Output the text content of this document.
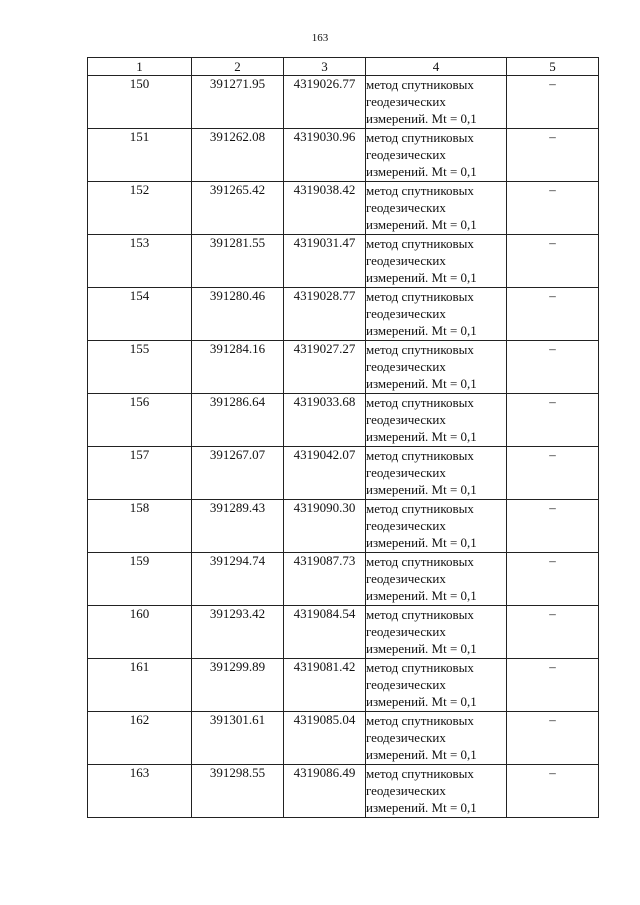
163
1	2	3	4	5
150	391271.95	4319026.77	метод спутниковых
геодезических
измерений. Mt = 0,1	–
151	391262.08	4319030.96	метод спутниковых
геодезических
измерений. Mt = 0,1	–
152	391265.42	4319038.42	метод спутниковых
геодезических
измерений. Mt = 0,1	–
153	391281.55	4319031.47	метод спутниковых
геодезических
измерений. Mt = 0,1	–
154	391280.46	4319028.77	метод спутниковых
геодезических
измерений. Mt = 0,1	–
155	391284.16	4319027.27	метод спутниковых
геодезических
измерений. Mt = 0,1	–
156	391286.64	4319033.68	метод спутниковых
геодезических
измерений. Mt = 0,1	–
157	391267.07	4319042.07	метод спутниковых
геодезических
измерений. Mt = 0,1	–
158	391289.43	4319090.30	метод спутниковых
геодезических
измерений. Mt = 0,1	–
159	391294.74	4319087.73	метод спутниковых
геодезических
измерений. Mt = 0,1	–
160	391293.42	4319084.54	метод спутниковых
геодезических
измерений. Mt = 0,1	–
161	391299.89	4319081.42	метод спутниковых
геодезических
измерений. Mt = 0,1	–
162	391301.61	4319085.04	метод спутниковых
геодезических
измерений. Mt = 0,1	–
163	391298.55	4319086.49	метод спутниковых
геодезических
измерений. Mt = 0,1	–
